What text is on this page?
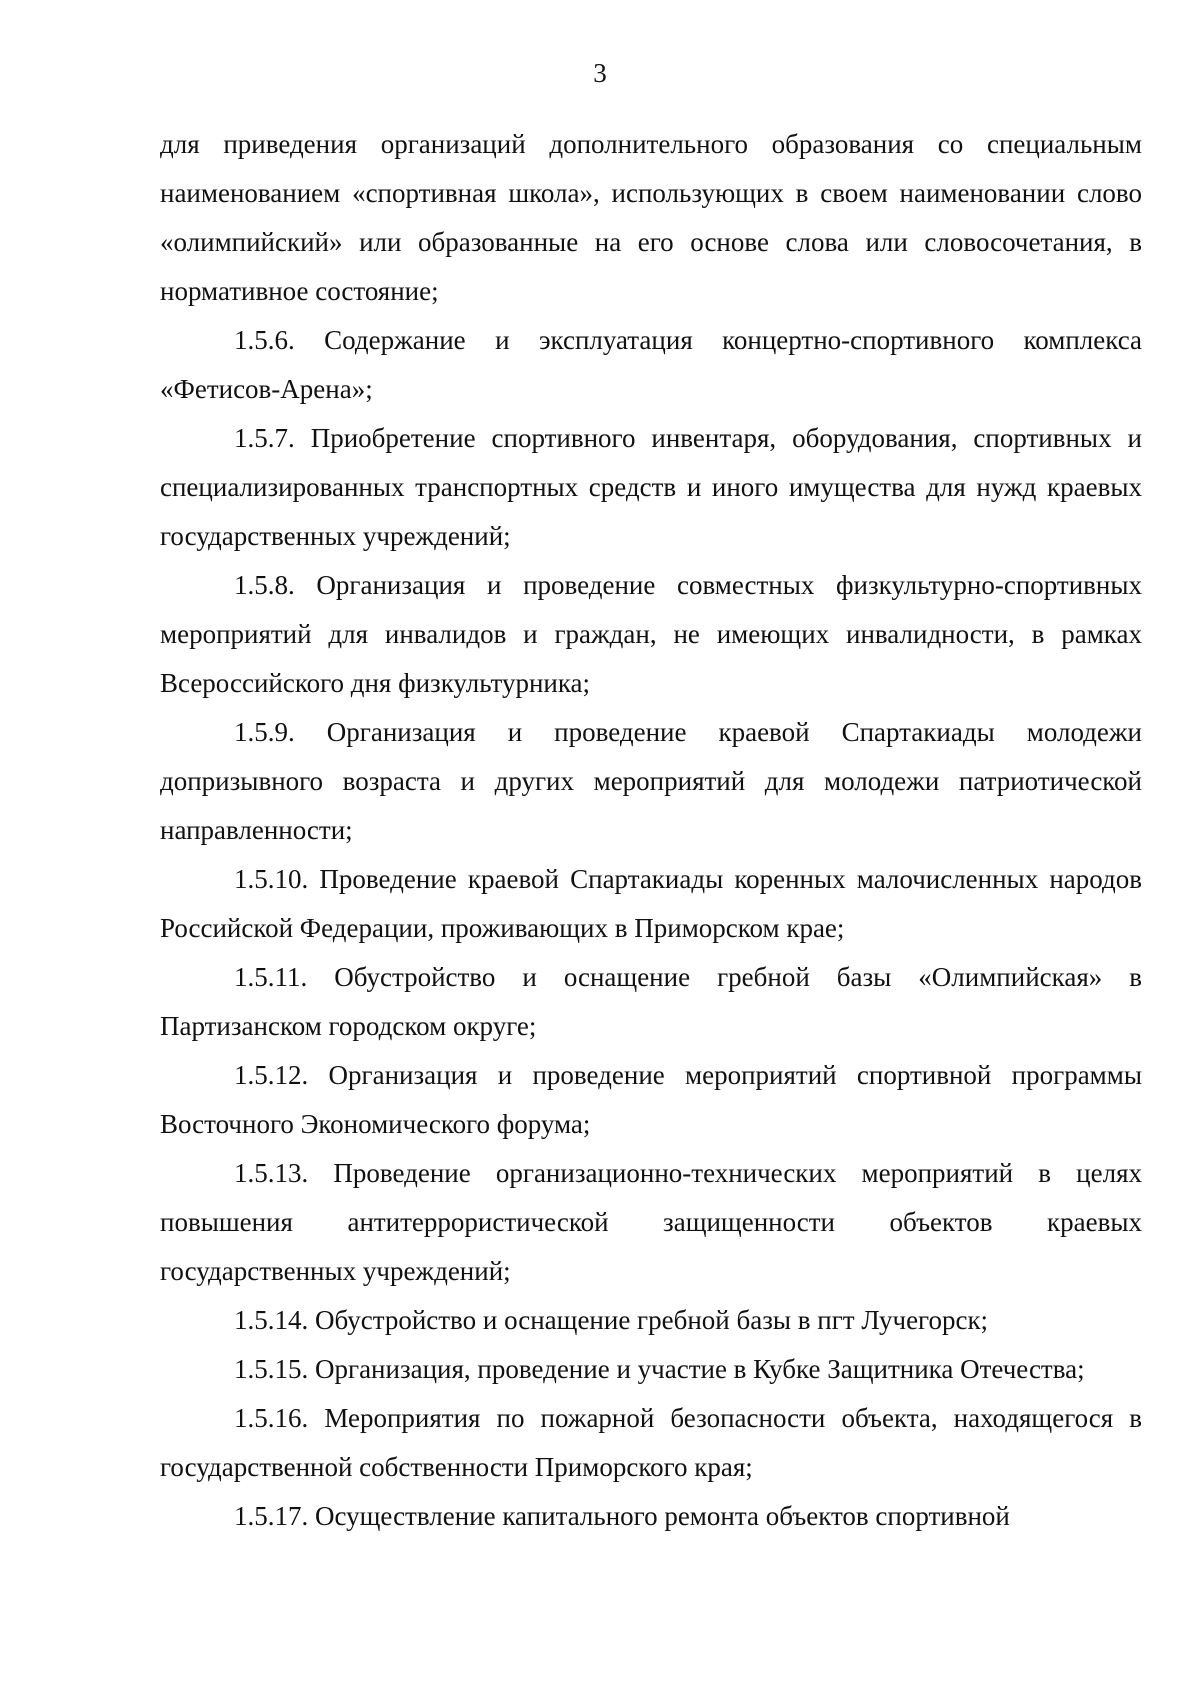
3

для приведения организаций дополнительного образования со специальным наименованием «спортивная школа», использующих в своем наименовании слово «олимпийский» или образованные на его основе слова или словосочетания, в нормативное состояние;

1.5.6. Содержание и эксплуатация концертно-спортивного комплекса «Фетисов-Арена»;

1.5.7. Приобретение спортивного инвентаря, оборудования, спортивных и специализированных транспортных средств и иного имущества для нужд краевых государственных учреждений;

1.5.8. Организация и проведение совместных физкультурно-спортивных мероприятий для инвалидов и граждан, не имеющих инвалидности, в рамках Всероссийского дня физкультурника;

1.5.9. Организация и проведение краевой Спартакиады молодежи допризывного возраста и других мероприятий для молодежи патриотической направленности;

1.5.10. Проведение краевой Спартакиады коренных малочисленных народов Российской Федерации, проживающих в Приморском крае;

1.5.11. Обустройство и оснащение гребной базы «Олимпийская» в Партизанском городском округе;

1.5.12. Организация и проведение мероприятий спортивной программы Восточного Экономического форума;

1.5.13. Проведение организационно-технических мероприятий в целях повышения антитеррористической защищенности объектов краевых государственных учреждений;

1.5.14. Обустройство и оснащение гребной базы в пгт Лучегорск;

1.5.15. Организация, проведение и участие в Кубке Защитника Отечества;

1.5.16. Мероприятия по пожарной безопасности объекта, находящегося в государственной собственности Приморского края;

1.5.17. Осуществление капитального ремонта объектов спортивной
